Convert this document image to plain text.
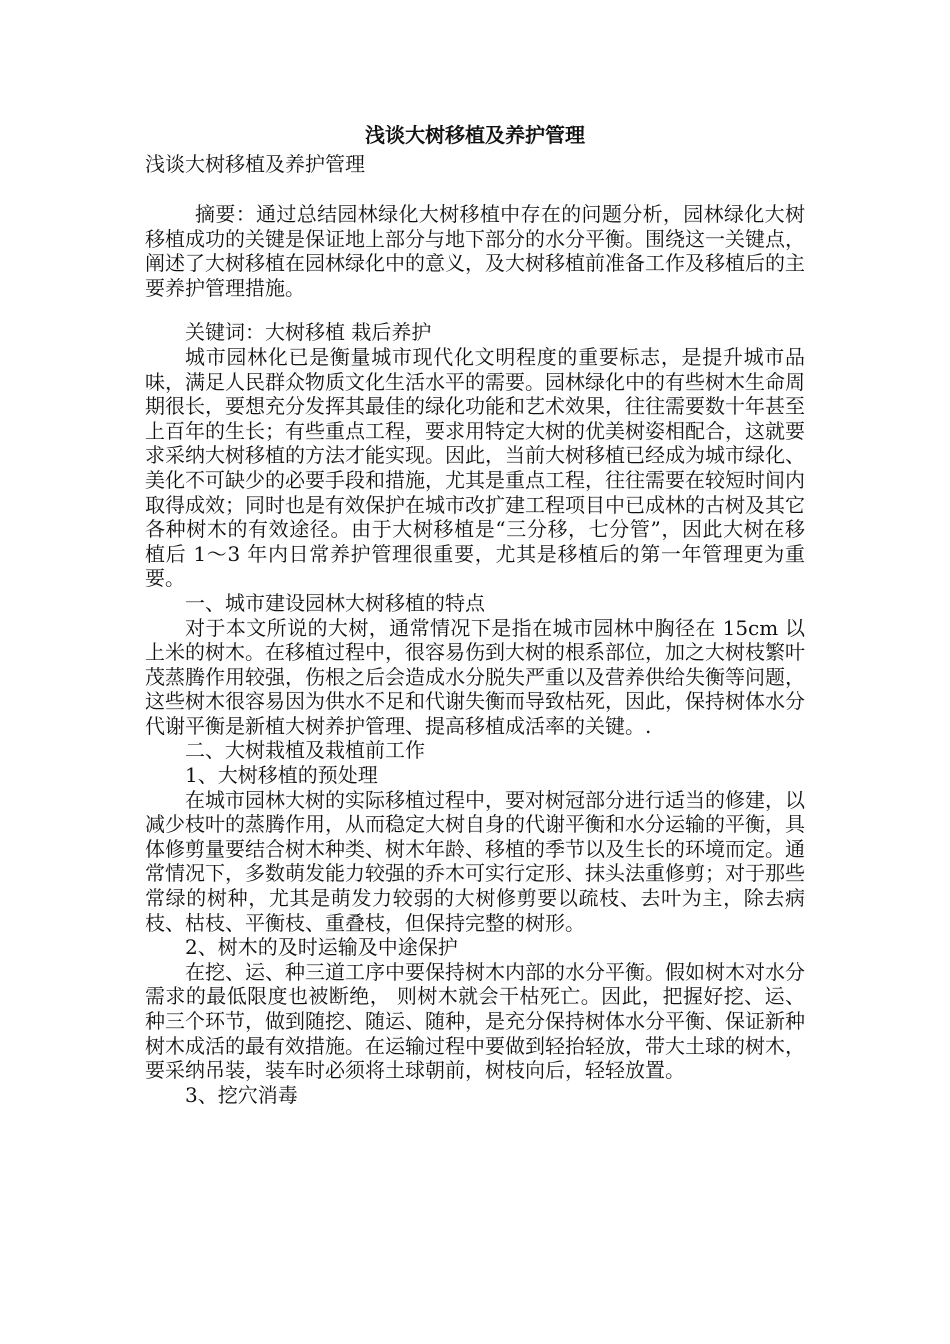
浅谈大树移植及养护管理

浅谈大树移植及养护管理

摘要：通过总结园林绿化大树移植中存在的问题分析，园林绿化大树移植成功的关键是保证地上部分与地下部分的水分平衡。围绕这一关键点，阐述了大树移植在园林绿化中的意义，及大树移植前准备工作及移植后的主要养护管理措施。

关键词：大树移植 栽后养护

城市园林化已是衡量城市现代化文明程度的重要标志，是提升城市品味，满足人民群众物质文化生活水平的需要。园林绿化中的有些树木生命周期很长，要想充分发挥其最佳的绿化功能和艺术效果，往往需要数十年甚至上百年的生长；有些重点工程，要求用特定大树的优美树姿相配合，这就要求采纳大树移植的方法才能实现。因此，当前大树移植已经成为城市绿化、美化不可缺少的必要手段和措施，尤其是重点工程，往往需要在较短时间内取得成效；同时也是有效保护在城市改扩建工程项目中已成林的古树及其它各种树木的有效途径。由于大树移植是“三分移，七分管”，因此大树在移植后 1～3 年内日常养护管理很重要，尤其是移植后的第一年管理更为重要。

一、城市建设园林大树移植的特点

对于本文所说的大树，通常情况下是指在城市园林中胸径在 15cm 以上米的树木。在移植过程中，很容易伤到大树的根系部位，加之大树枝繁叶茂蒸腾作用较强，伤根之后会造成水分脱失严重以及营养供给失衡等问题，这些树木很容易因为供水不足和代谢失衡而导致枯死，因此，保持树体水分代谢平衡是新植大树养护管理、提高移植成活率的关键。.

二、大树栽植及栽植前工作

1、大树移植的预处理

在城市园林大树的实际移植过程中，要对树冠部分进行适当的修建，以减少枝叶的蒸腾作用，从而稳定大树自身的代谢平衡和水分运输的平衡，具体修剪量要结合树木种类、树木年龄、移植的季节以及生长的环境而定。通常情况下，多数萌发能力较强的乔木可实行定形、抹头法重修剪；对于那些常绿的树种，尤其是萌发力较弱的大树修剪要以疏枝、去叶为主，除去病枝、枯枝、平衡枝、重叠枝，但保持完整的树形。

2、树木的及时运输及中途保护

在挖、运、种三道工序中要保持树木内部的水分平衡。假如树木对水分需求的最低限度也被断绝， 则树木就会干枯死亡。因此，把握好挖、运、种三个环节，做到随挖、随运、随种，是充分保持树体水分平衡、保证新种树木成活的最有效措施。在运输过程中要做到轻抬轻放，带大土球的树木，要采纳吊装，装车时必须将土球朝前，树枝向后，轻轻放置。

3、挖穴消毒
